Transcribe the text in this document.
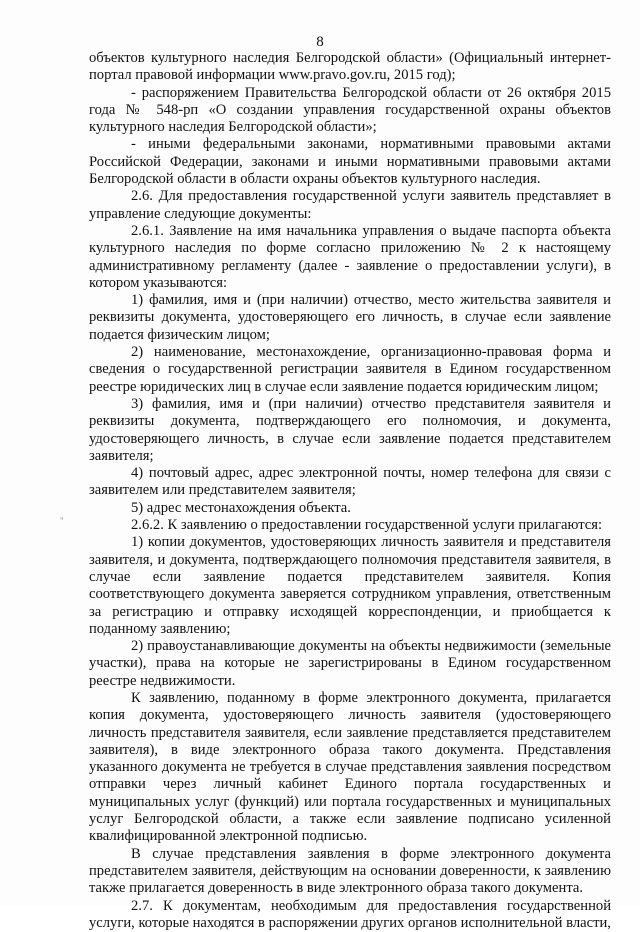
8
"

объектов культурного наследия Белгородской области» (Официальный интернет-портал правовой информации www.pravo.gov.ru, 2015 год);

- распоряжением Правительства Белгородской области от 26 октября 2015 года № 548-рп «О создании управления государственной охраны объектов культурного наследия Белгородской области»;

- иными федеральными законами, нормативными правовыми актами Российской Федерации, законами и иными нормативными правовыми актами Белгородской области в области охраны объектов культурного наследия.

2.6. Для предоставления государственной услуги заявитель представляет в управление следующие документы:

2.6.1. Заявление на имя начальника управления о выдаче паспорта объекта культурного наследия по форме согласно приложению № 2 к настоящему административному регламенту (далее - заявление о предоставлении услуги), в котором указываются:

1) фамилия, имя и (при наличии) отчество, место жительства заявителя и реквизиты документа, удостоверяющего его личность, в случае если заявление подается физическим лицом;

2) наименование, местонахождение, организационно-правовая форма и сведения о государственной регистрации заявителя в Едином государственном реестре юридических лиц в случае если заявление подается юридическим лицом;

3) фамилия, имя и (при наличии) отчество представителя заявителя и реквизиты документа, подтверждающего его полномочия, и документа, удостоверяющего личность, в случае если заявление подается представителем заявителя;

4) почтовый адрес, адрес электронной почты, номер телефона для связи с заявителем или представителем заявителя;

5) адрес местонахождения объекта.

2.6.2. К заявлению о предоставлении государственной услуги прилагаются:

1) копии документов, удостоверяющих личность заявителя и представителя заявителя, и документа, подтверждающего полномочия представителя заявителя, в случае если заявление подается представителем заявителя. Копия соответствующего документа заверяется сотрудником управления, ответственным за регистрацию и отправку исходящей корреспонденции, и приобщается к поданному заявлению;

2) правоустанавливающие документы на объекты недвижимости (земельные участки), права на которые не зарегистрированы в Едином государственном реестре недвижимости.

К заявлению, поданному в форме электронного документа, прилагается копия документа, удостоверяющего личность заявителя (удостоверяющего личность представителя заявителя, если заявление представляется представителем заявителя), в виде электронного образа такого документа. Представления указанного документа не требуется в случае представления заявления посредством отправки через личный кабинет Единого портала государственных и муниципальных услуг (функций) или портала государственных и муниципальных услуг Белгородской области, а также если заявление подписано усиленной квалифицированной электронной подписью.

В случае представления заявления в форме электронного документа представителем заявителя, действующим на основании доверенности, к заявлению также прилагается доверенность в виде электронного образа такого документа.

2.7. К документам, необходимым для предоставления государственной услуги, которые находятся в распоряжении других органов исполнительной власти,
